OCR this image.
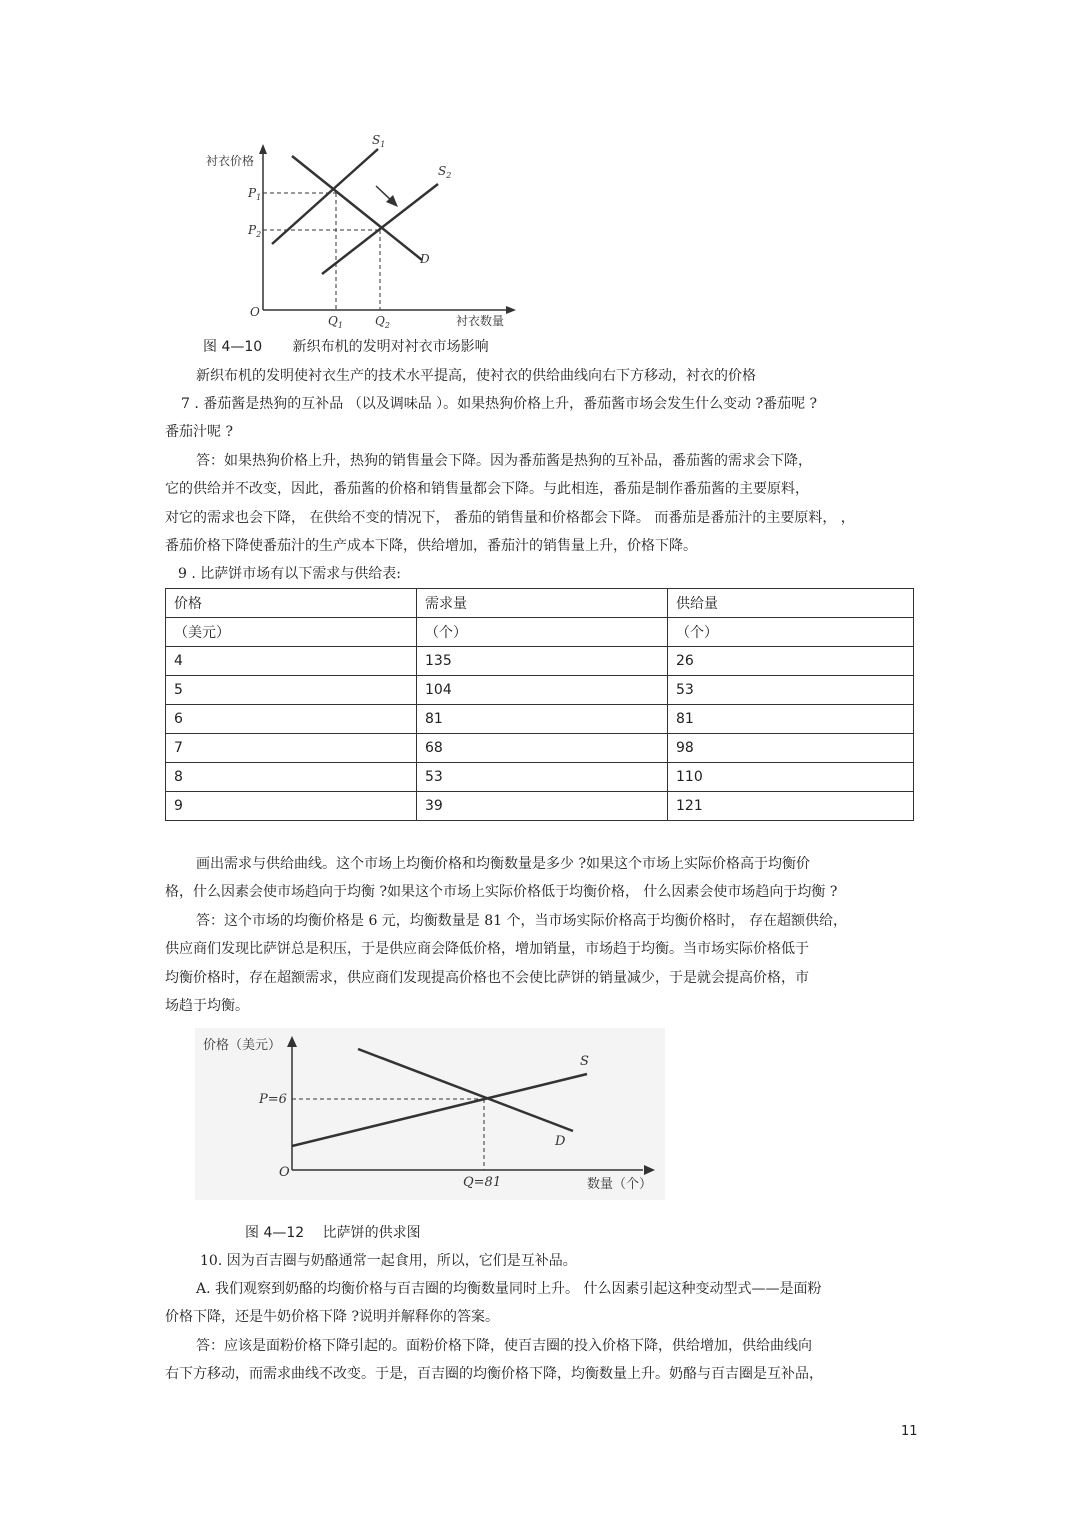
衬衣价格
衬衣数量
O
$P_1$
$P_2$
$Q_1$	$Q_2$
$S_1$
$S_2$
D
图 4—10 新织布机的发明对衬衣市场影响
新织布机的发明使衬衣生产的技术水平提高，使衬衣的供给曲线向右下方移动，衬衣的价格
7 . 番茄酱是热狗的互补品 （以及调味品 ）。如果热狗价格上升，番茄酱市场会发生什么变动 ?番茄呢 ?
番茄汁呢 ?
答：如果热狗价格上升，热狗的销售量会下降。因为番茄酱是热狗的互补品，番茄酱的需求会下降，
它的供给并不改变，因此，番茄酱的价格和销售量都会下降。与此相连，番茄是制作番茄酱的主要原料，
对它的需求也会下降， 在供给不变的情况下， 番茄的销售量和价格都会下降。 而番茄是番茄汁的主要原料， ，
番茄价格下降使番茄汁的生产成本下降，供给增加，番茄汁的销售量上升，价格下降。
9 . 比萨饼市场有以下需求与供给表:
价格	需求量	供给量
（美元）	（个）	（个）
4	135	26
5	104	53
6	81	81
7	68	98
8	53	110
9	39	121
画出需求与供给曲线。这个市场上均衡价格和均衡数量是多少 ?如果这个市场上实际价格高于均衡价
格，什么因素会使市场趋向于均衡 ?如果这个市场上实际价格低于均衡价格， 什么因素会使市场趋向于均衡 ?
答：这个市场的均衡价格是 6 元，均衡数量是 81 个，当市场实际价格高于均衡价格时， 存在超额供给，
供应商们发现比萨饼总是积压，于是供应商会降低价格，增加销量，市场趋于均衡。当市场实际价格低于
均衡价格时，存在超额需求，供应商们发现提高价格也不会使比萨饼的销量减少，于是就会提高价格，市
场趋于均衡。
价格（美元）
数量（个）
O
P=6
Q=81
S
D
图 4—12 比萨饼的供求图
10. 因为百吉圈与奶酪通常一起食用，所以，它们是互补品。
A. 我们观察到奶酪的均衡价格与百吉圈的均衡数量同时上升。 什么因素引起这种变动型式——是面粉
价格下降，还是牛奶价格下降 ?说明并解释你的答案。
答：应该是面粉价格下降引起的。面粉价格下降，使百吉圈的投入价格下降，供给增加，供给曲线向
右下方移动，而需求曲线不改变。于是，百吉圈的均衡价格下降，均衡数量上升。奶酪与百吉圈是互补品，
11
